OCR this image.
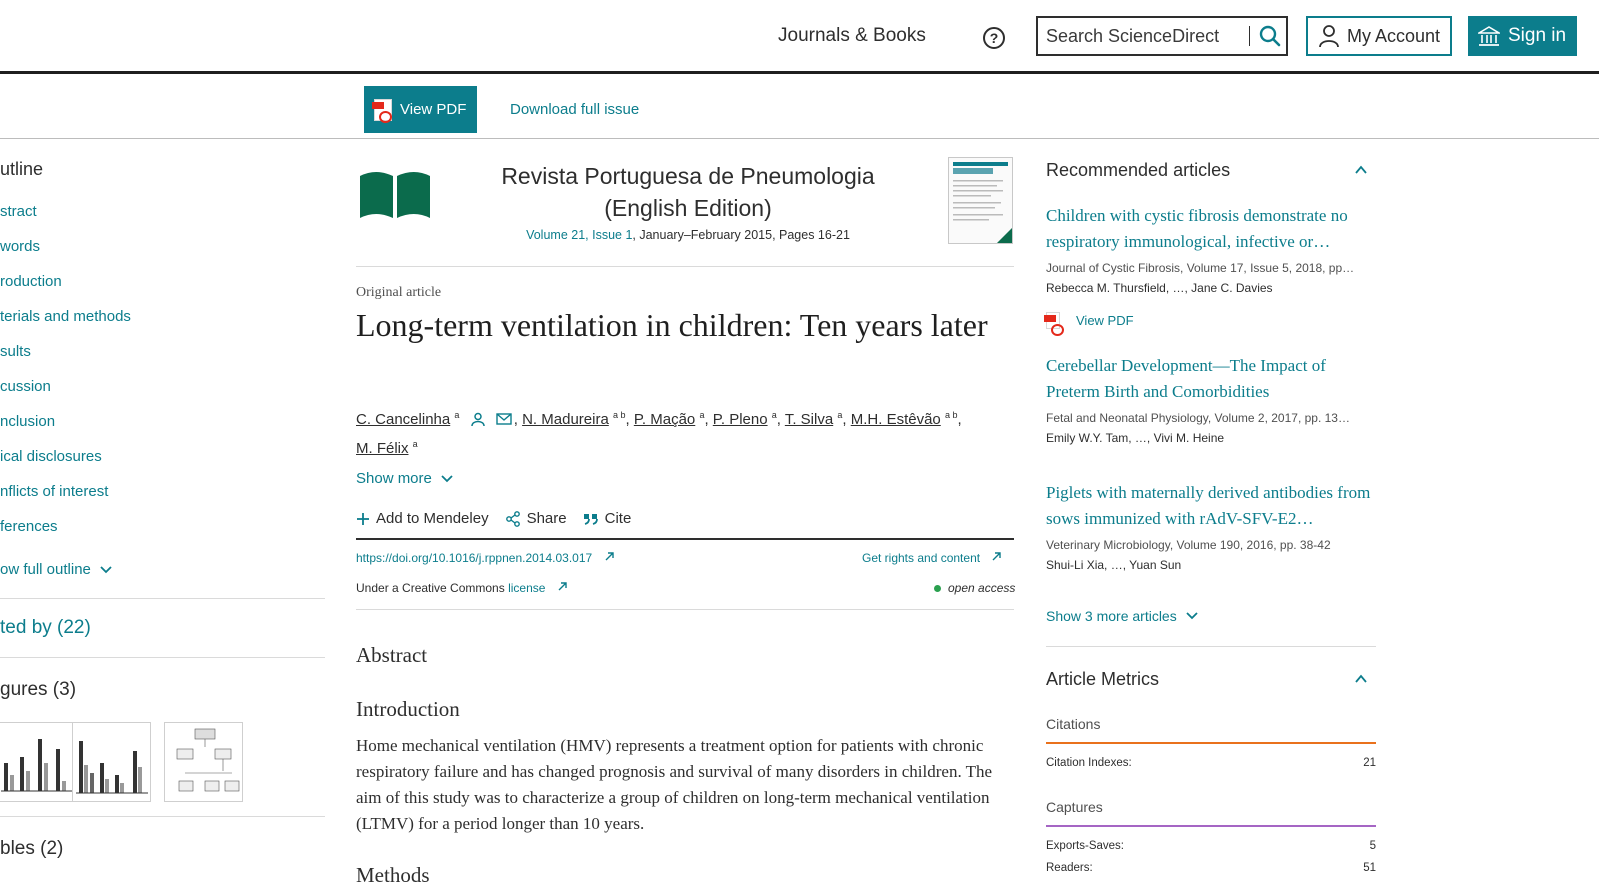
Journals & Books	?
Search ScienceDirect	My Account	Sign in
View PDF	Download full issue
utline
stract
words
roduction
terials and methods
sults
cussion
nclusion
ical disclosures
nflicts of interest
ferences
ow full outline
ted by (22)
gures (3)
bles (2)
Revista Portuguesa de Pneumologia (English Edition)
Volume 21, Issue 1, January–February 2015, Pages 16-21
Original article
Long-term ventilation in children: Ten years later
C. Cancelinha $^a$	, N. Madureira $^{a b}$, P. Mação $^a$, P. Pleno $^a$, T. Silva $^a$, M.H. Estêvão $^{a b}$,
M. Félix $^a$
Show more
Add to Mendeley	Share	Cite
https://doi.org/10.1016/j.rppnen.2014.03.017	Get rights and content
Under a Creative Commons license	open access
Abstract
Introduction

Home mechanical ventilation (HMV) represents a treatment option for patients with chronic respiratory failure and has changed prognosis and survival of many disorders in children. The aim of this study was to characterize a group of children on long-term mechanical ventilation (LTMV) for a period longer than 10 years.

Methods
Recommended articles
Children with cystic fibrosis demonstrate no respiratory immunological, infective or…
Journal of Cystic Fibrosis, Volume 17, Issue 5, 2018, pp…
Rebecca M. Thursfield, …, Jane C. Davies
View PDF
Cerebellar Development—The Impact of Preterm Birth and Comorbidities
Fetal and Neonatal Physiology, Volume 2, 2017, pp. 13…
Emily W.Y. Tam, …, Vivi M. Heine
Piglets with maternally derived antibodies from sows immunized with rAdV-SFV-E2…
Veterinary Microbiology, Volume 190, 2016, pp. 38-42
Shui-Li Xia, …, Yuan Sun
Show 3 more articles
Article Metrics
Citations
Citation Indexes:	21
Captures
Exports-Saves:	5
Readers:	51
